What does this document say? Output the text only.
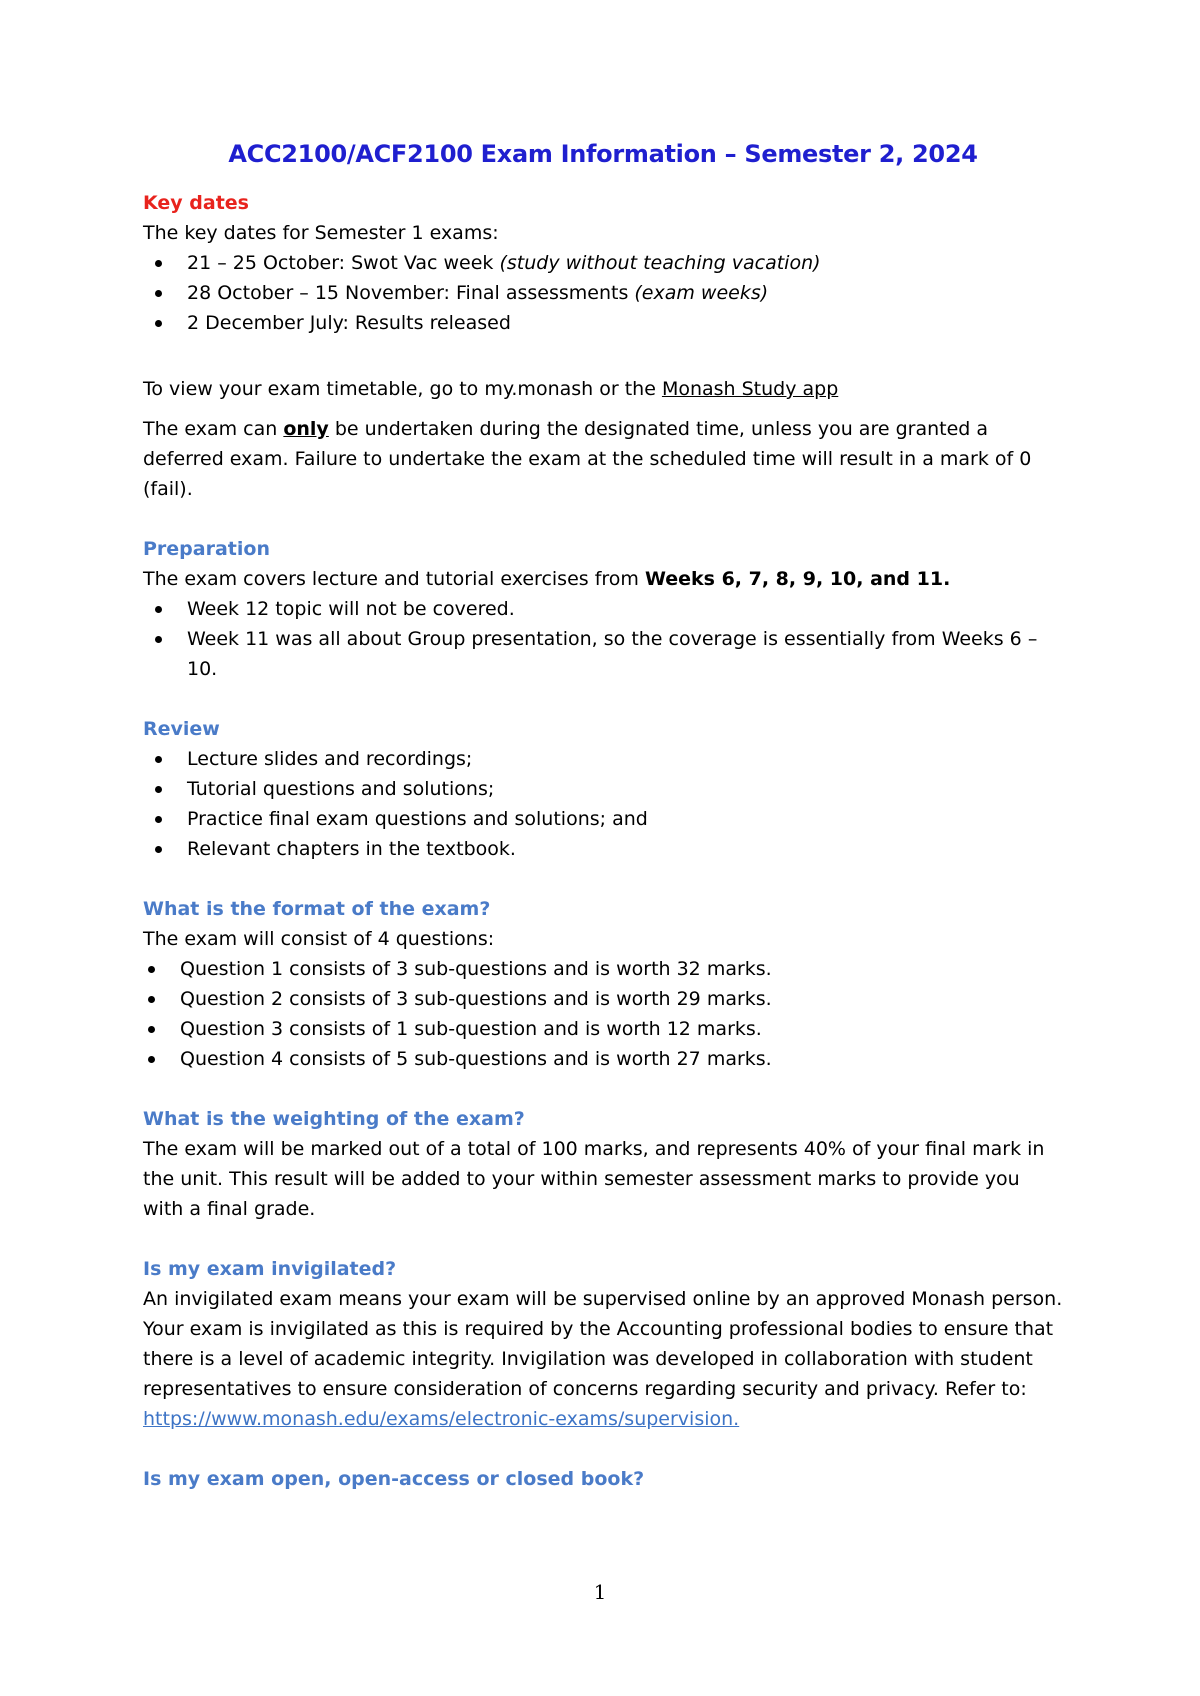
ACC2100/ACF2100 Exam Information – Semester 2, 2024
Key dates

The key dates for Semester 1 exams:

21 – 25 October: Swot Vac week (study without teaching vacation)
28 October – 15 November: Final assessments (exam weeks)
2 December July: Results released

To view your exam timetable, go to my.monash or the Monash Study app

The exam can only be undertaken during the designated time, unless you are granted a deferred exam. Failure to undertake the exam at the scheduled time will result in a mark of 0 (fail).

Preparation

The exam covers lecture and tutorial exercises from Weeks 6, 7, 8, 9, 10, and 11.

Week 12 topic will not be covered.
Week 11 was all about Group presentation, so the coverage is essentially from Weeks 6 – 10.
Review
Lecture slides and recordings;
Tutorial questions and solutions;
Practice final exam questions and solutions; and
Relevant chapters in the textbook.
What is the format of the exam?

The exam will consist of 4 questions:

Question 1 consists of 3 sub-questions and is worth 32 marks.
Question 2 consists of 3 sub-questions and is worth 29 marks.
Question 3 consists of 1 sub-question and is worth 12 marks.
Question 4 consists of 5 sub-questions and is worth 27 marks.
What is the weighting of the exam?

The exam will be marked out of a total of 100 marks, and represents 40% of your final mark in the unit. This result will be added to your within semester assessment marks to provide you with a final grade.

Is my exam invigilated?

An invigilated exam means your exam will be supervised online by an approved Monash person. Your exam is invigilated as this is required by the Accounting professional bodies to ensure that there is a level of academic integrity. Invigilation was developed in collaboration with student representatives to ensure consideration of concerns regarding security and privacy. Refer to: https://www.monash.edu/exams/electronic-exams/supervision.

Is my exam open, open-access or closed book?
1
